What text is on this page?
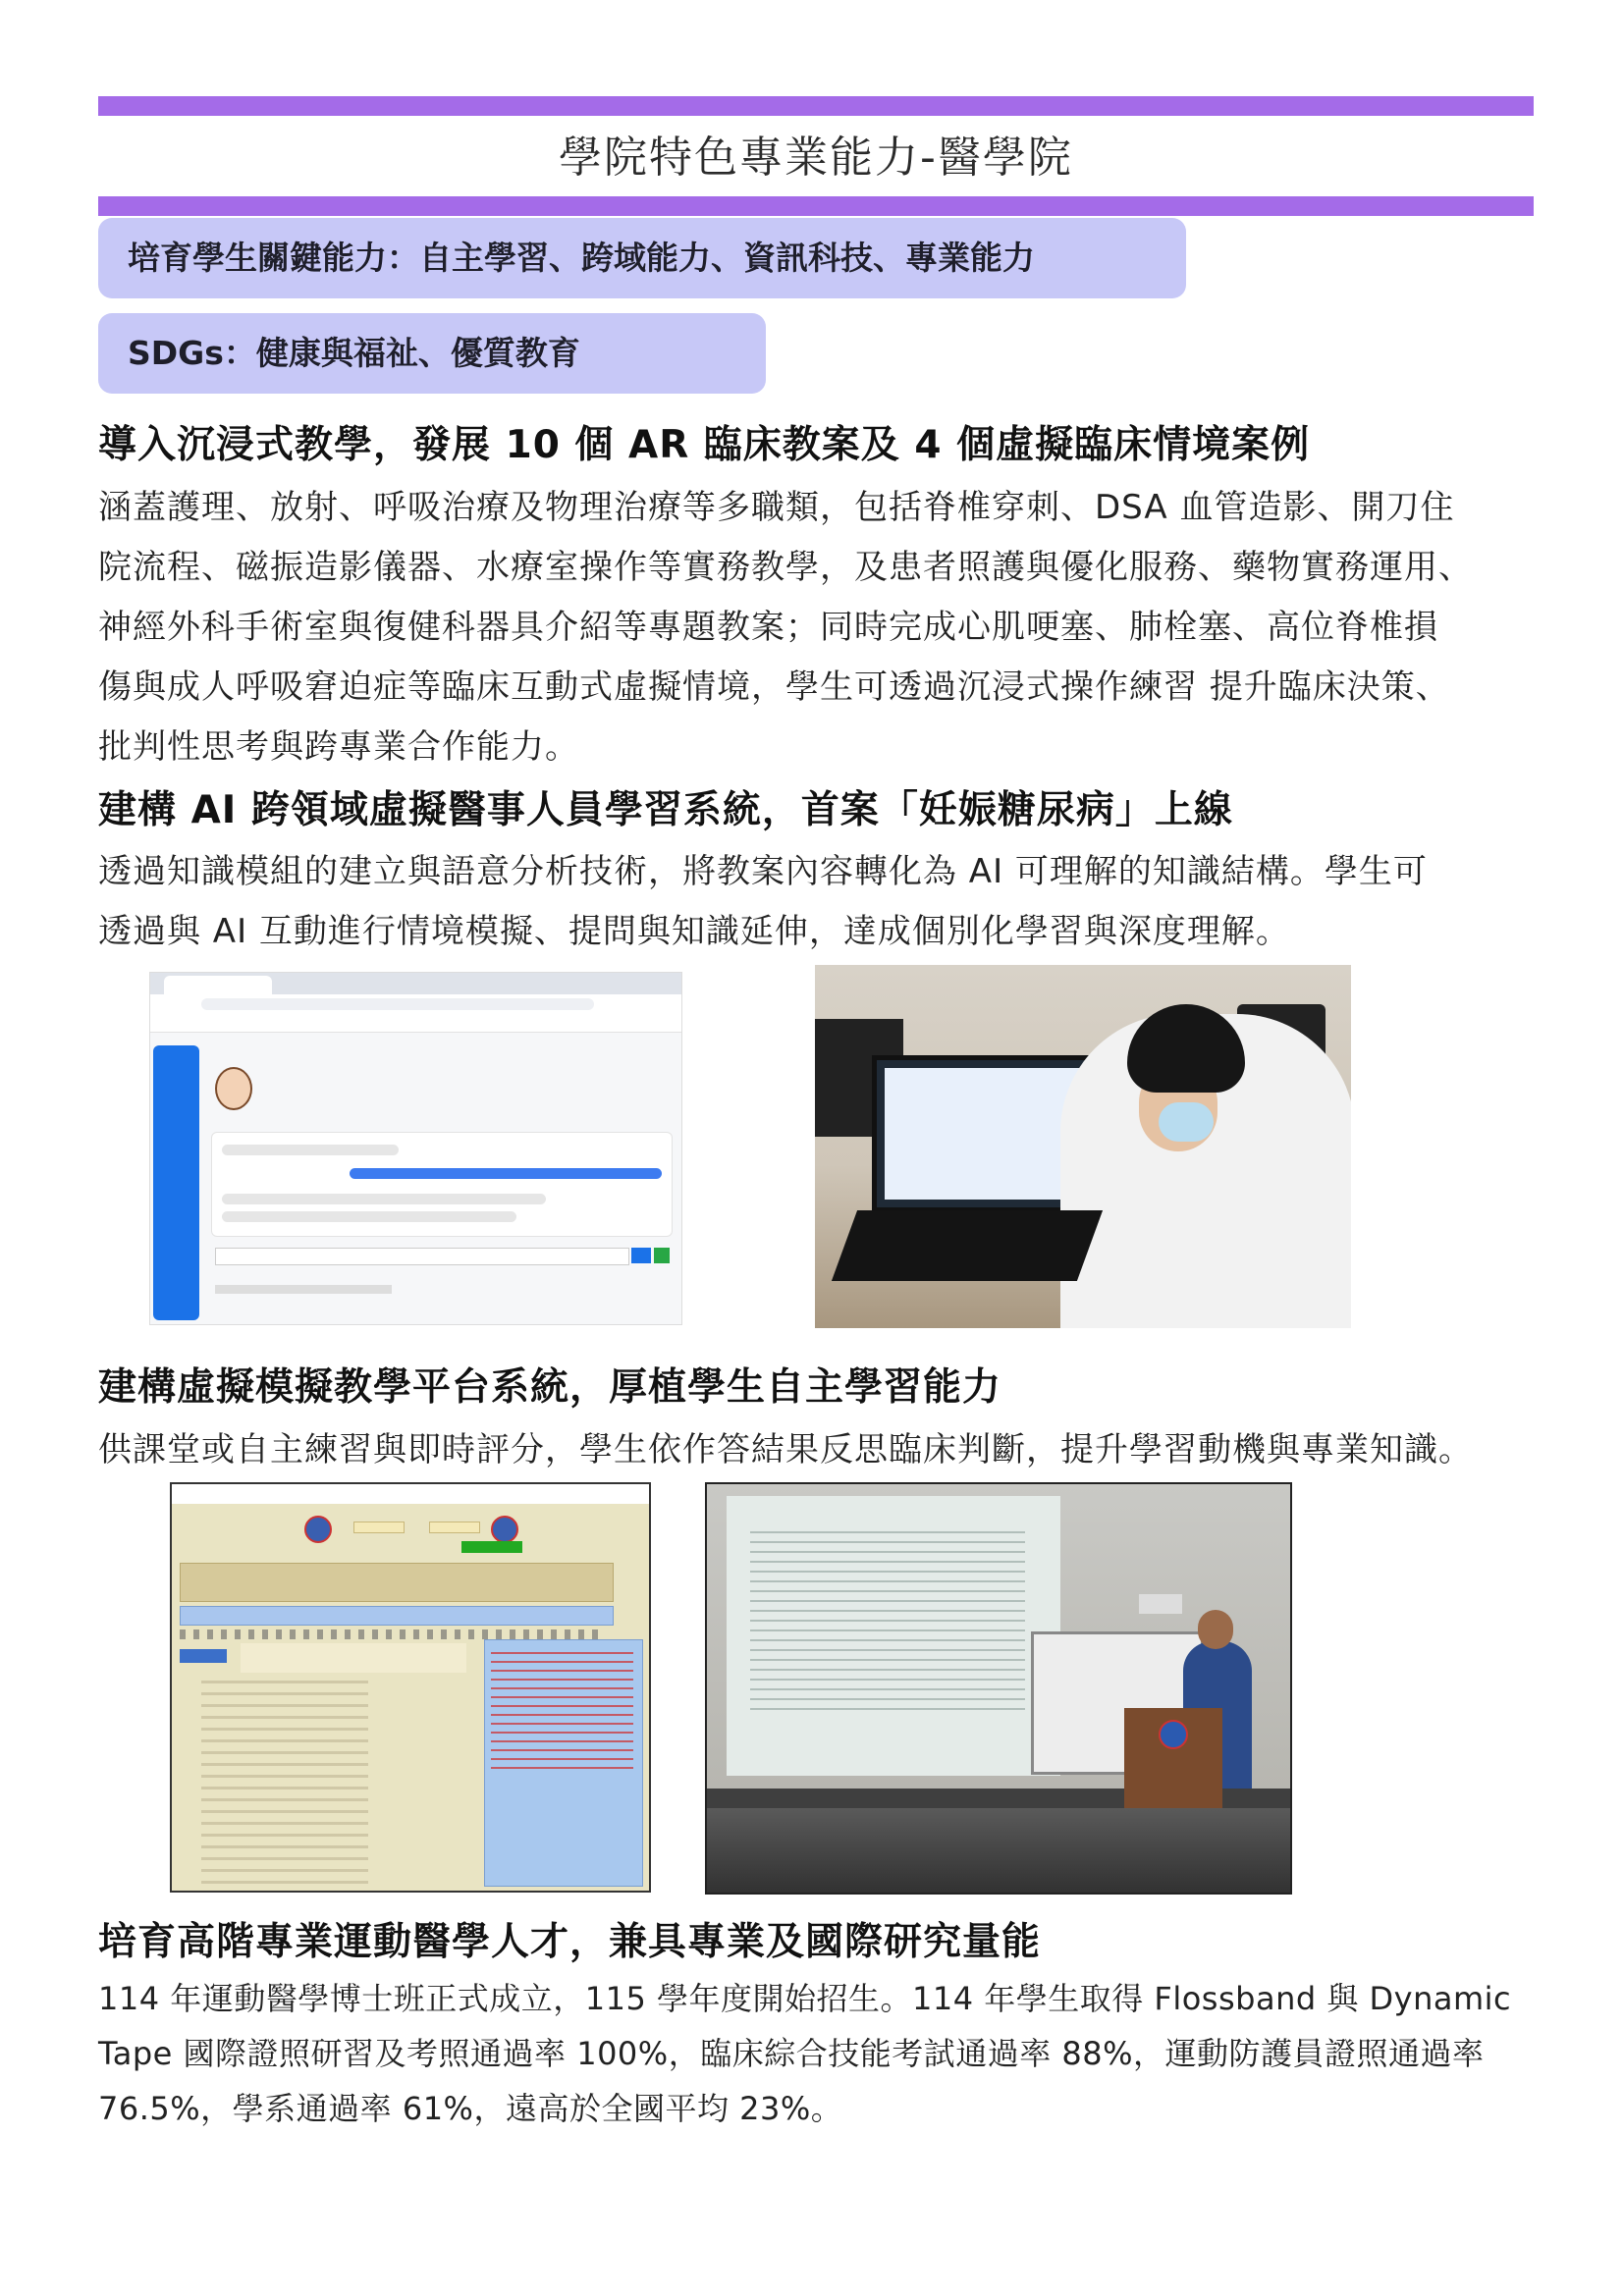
學院特色專業能力-醫學院
培育學生關鍵能力：自主學習、跨域能力、資訊科技、專業能力
SDGs：健康與福祉、優質教育
導入沉浸式教學，發展 10 個 AR 臨床教案及 4 個虛擬臨床情境案例
涵蓋護理、放射、呼吸治療及物理治療等多職類，包括脊椎穿刺、DSA 血管造影、開刀住
院流程、磁振造影儀器、水療室操作等實務教學，及患者照護與優化服務、藥物實務運用、
神經外科手術室與復健科器具介紹等專題教案；同時完成心肌哽塞、肺栓塞、高位脊椎損
傷與成人呼吸窘迫症等臨床互動式虛擬情境，學生可透過沉浸式操作練習 提升臨床決策、
批判性思考與跨專業合作能力。
建構 AI 跨領域虛擬醫事人員學習系統，首案「妊娠糖尿病」上線
透過知識模組的建立與語意分析技術，將教案內容轉化為 AI 可理解的知識結構。學生可
透過與 AI 互動進行情境模擬、提問與知識延伸，達成個別化學習與深度理解。
建構虛擬模擬教學平台系統，厚植學生自主學習能力
供課堂或自主練習與即時評分，學生依作答結果反思臨床判斷，提升學習動機與專業知識。
培育高階專業運動醫學人才，兼具專業及國際研究量能
114 年運動醫學博士班正式成立，115 學年度開始招生。114 年學生取得 Flossband 與 Dynamic
Tape 國際證照研習及考照通過率 100%，臨床綜合技能考試通過率 88%，運動防護員證照通過率
76.5%，學系通過率 61%，遠高於全國平均 23%。
